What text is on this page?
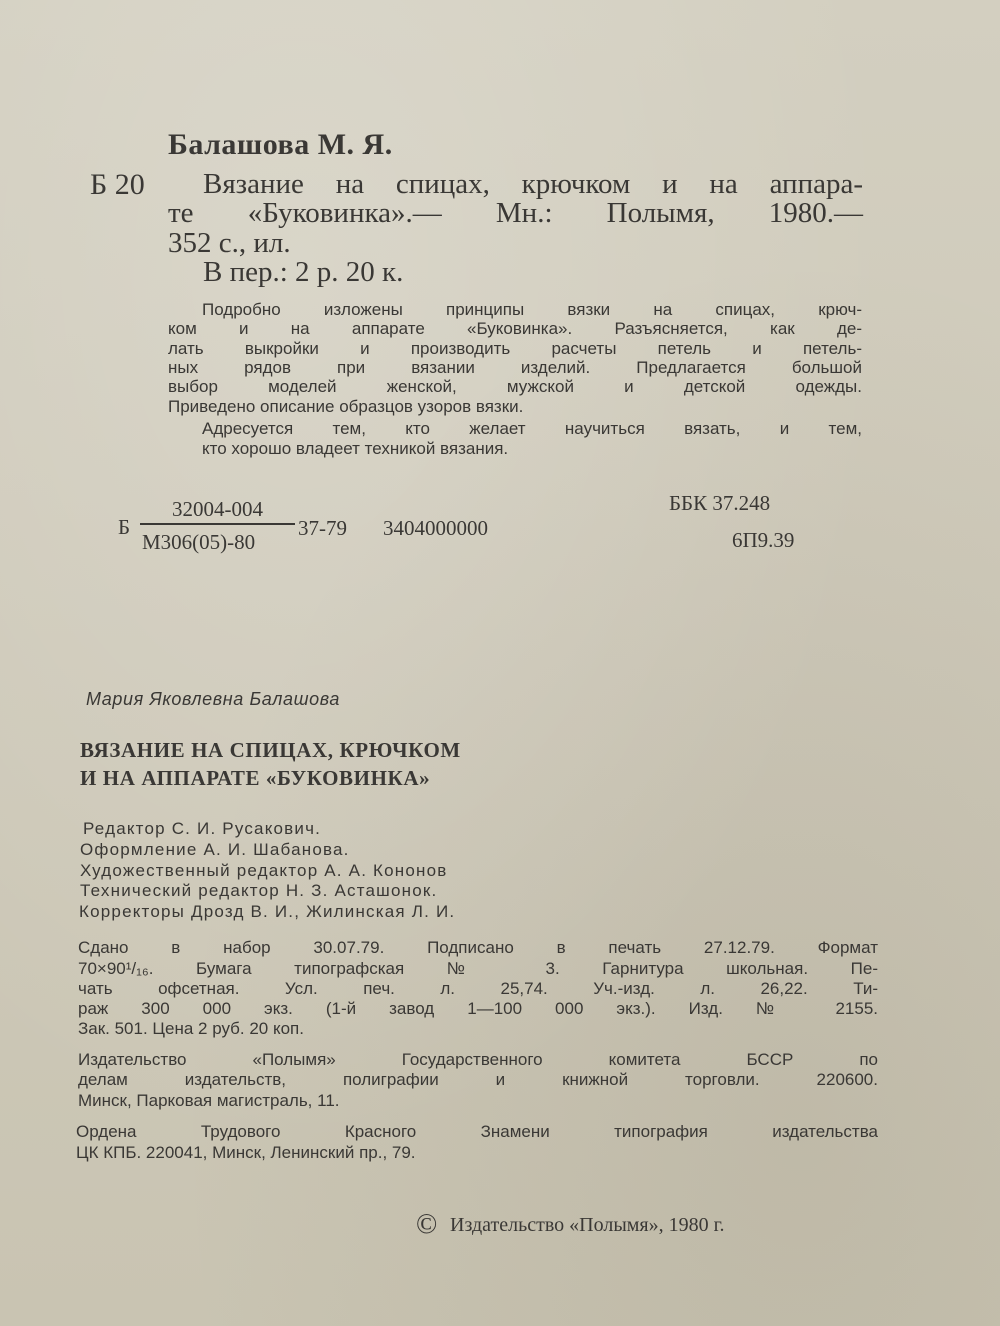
Балашова М. Я.
Б 20 Вязание на спицах, крючком и на аппара-
те «Буковинка».— Мн.: Полымя, 1980.—
352 с., ил.
В пер.: 2 р. 20 к.
Подробно изложены принципы вязки на спицах, крюч-
ком и на аппарате «Буковинка». Разъясняется, как де-
лать выкройки и производить расчеты петель и петель-
ных рядов при вязании изделий. Предлагается большой
выбор моделей женской, мужской и детской одежды.
Приведено описание образцов узоров вязки.
Адресуется тем, кто желает научиться вязать, и тем,
кто хорошо владеет техникой вязания.
Б
32004-004
М306(05)-80
37-79 3404000000
ББК 37.248
6П9.39
Мария Яковлевна Балашова
ВЯЗАНИЕ НА СПИЦАХ, КРЮЧКОМ
И НА АППАРАТЕ «БУКОВИНКА»
Редактор С. И. Русакович.
Оформление А. И. Шабанова.
Художественный редактор А. А. Кононов
Технический редактор Н. З. Асташонок.
Корректоры Дрозд В. И., Жилинская Л. И.
Сдано в набор 30.07.79. Подписано в печать 27.12.79. Формат
70×90¹/₁₆. Бумага типографская № 3. Гарнитура школьная. Пе-
чать офсетная. Усл. печ. л. 25,74. Уч.-изд. л. 26,22. Ти-
раж 300 000 экз. (1-й завод 1—100 000 экз.). Изд. № 2155.
Зак. 501. Цена 2 руб. 20 коп.
Издательство «Полымя» Государственного комитета БССР по
делам издательств, полиграфии и книжной торговли. 220600.
Минск, Парковая магистраль, 11.
Ордена Трудового Красного Знамени типография издательства
ЦК КПБ. 220041, Минск, Ленинский пр., 79.
© Издательство «Полымя», 1980 г.
